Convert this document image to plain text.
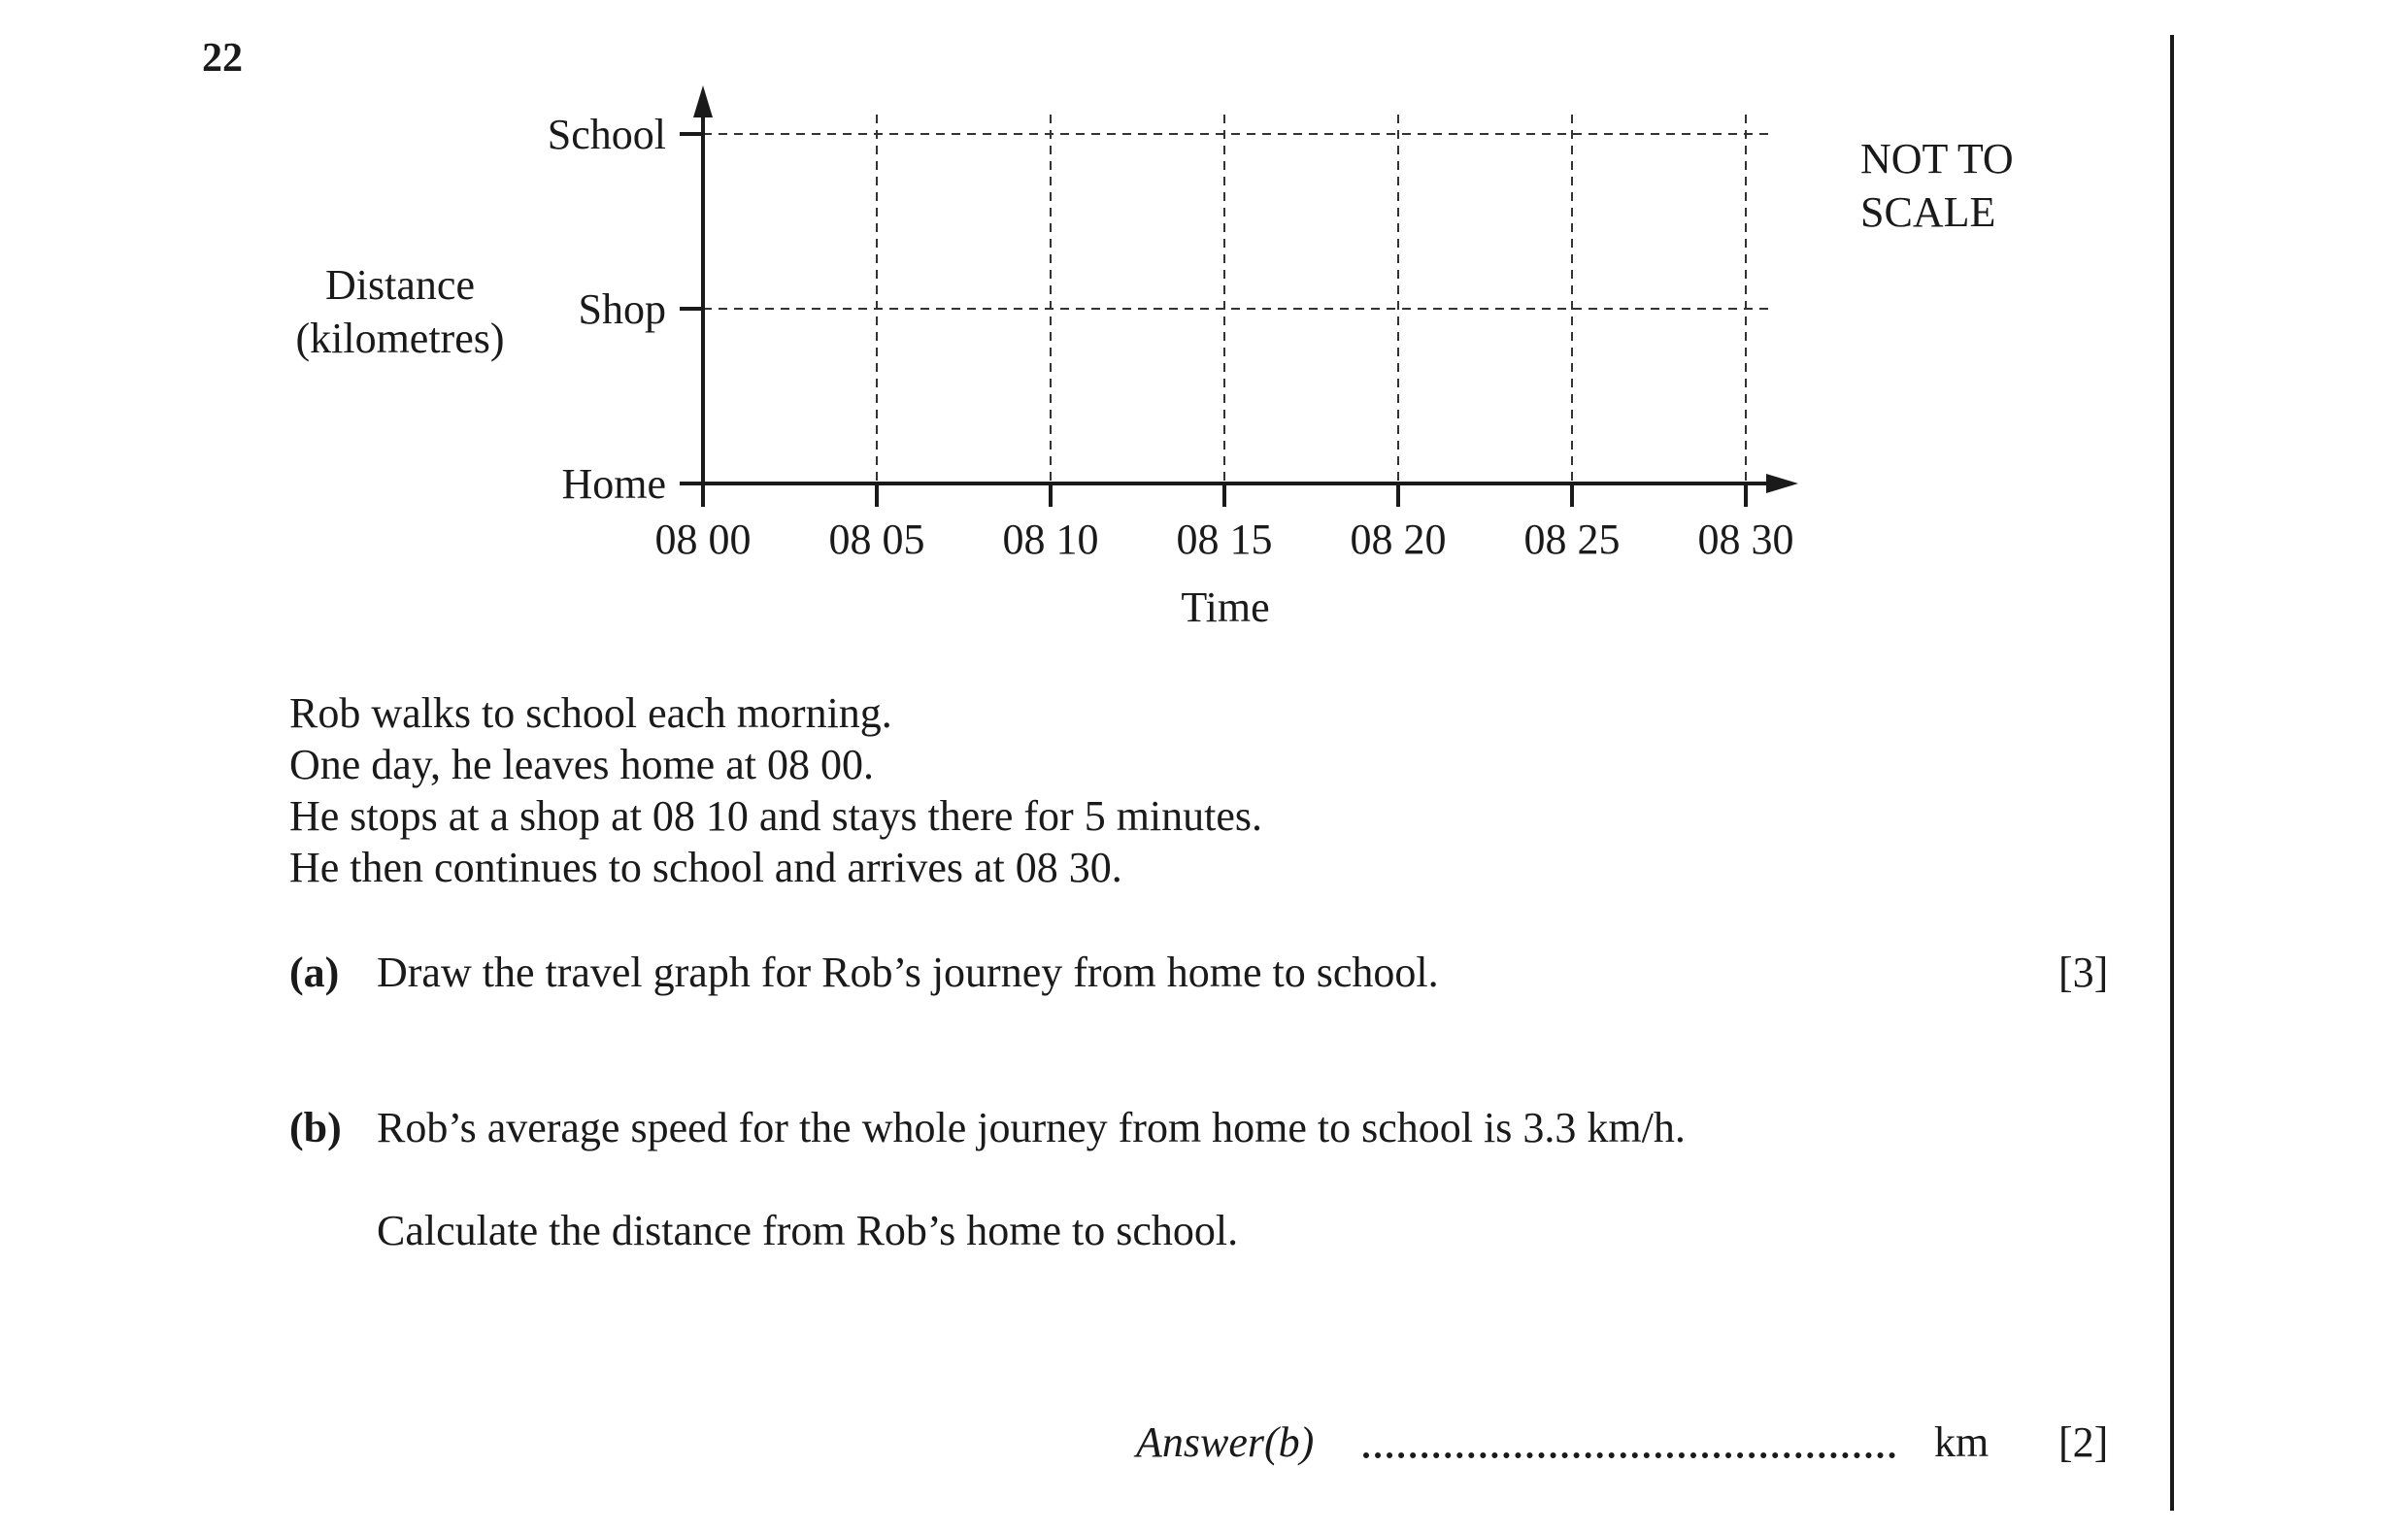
22
Home
Shop
School
08 00 08 05 08 10 08 15 08 20 08 25 08 30
Time
Distance
(kilometres)
NOT TO
SCALE
Rob walks to school each morning.
One day, he leaves home at 08 00.
He stops at a shop at 08 10 and stays there for 5 minutes.
He then continues to school and arrives at 08 30.
(a) Draw the travel graph for Rob’s journey from home to school.	[3]
(b) Rob’s average speed for the whole journey from home to school is 3.3 km/h.
Calculate the distance from Rob’s home to school.
Answer(b)	km [2]
